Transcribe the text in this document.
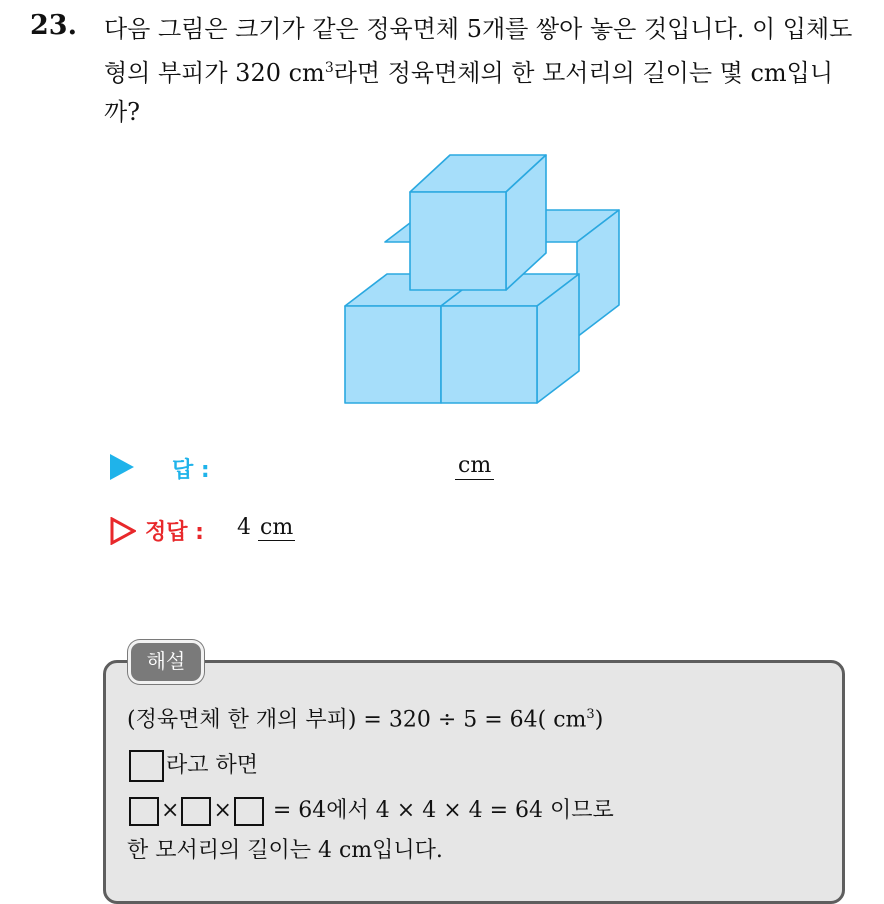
23. 다음 그림은 크기가 같은 정육면체 5개를 쌓아 놓은 것입니다. 이 입체도형의 부피가 320 $cm^3$라면 정육면체의 한 모서리의 길이는 몇 cm입니까?
답 :	cm
정답 : 4 cm
해설
(정육면체 한 개의 부피) = 320 ÷ 5 = 64( $cm^3$)
라고 하면
× × = 64에서 4 × 4 × 4 = 64 이므로
한 모서리의 길이는 4 cm입니다.
